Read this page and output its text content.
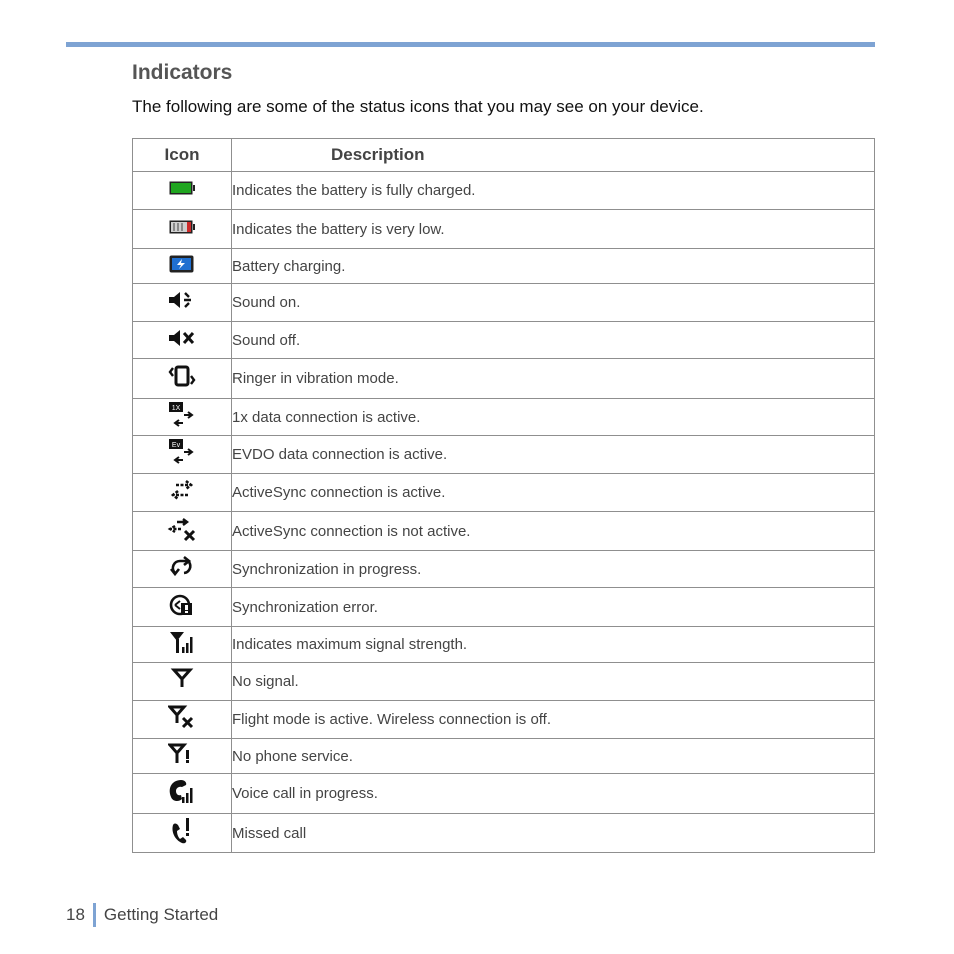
Indicators
The following are some of the status icons that you may see on your device.
Icon	Description
	Indicates the battery is fully charged.
	Indicates the battery is very low.
	Battery charging.
	Sound on.
	Sound off.
	Ringer in vibration mode.

1X	1x data connection is active.

Ev	EVDO data connection is active.
	ActiveSync connection is active.
	ActiveSync connection is not active.
	Synchronization in progress.
	Synchronization error.
	Indicates maximum signal strength.
	No signal.
	Flight mode is active. Wireless connection is off.
	No phone service.
	Voice call in progress.
	Missed call
18 Getting Started
